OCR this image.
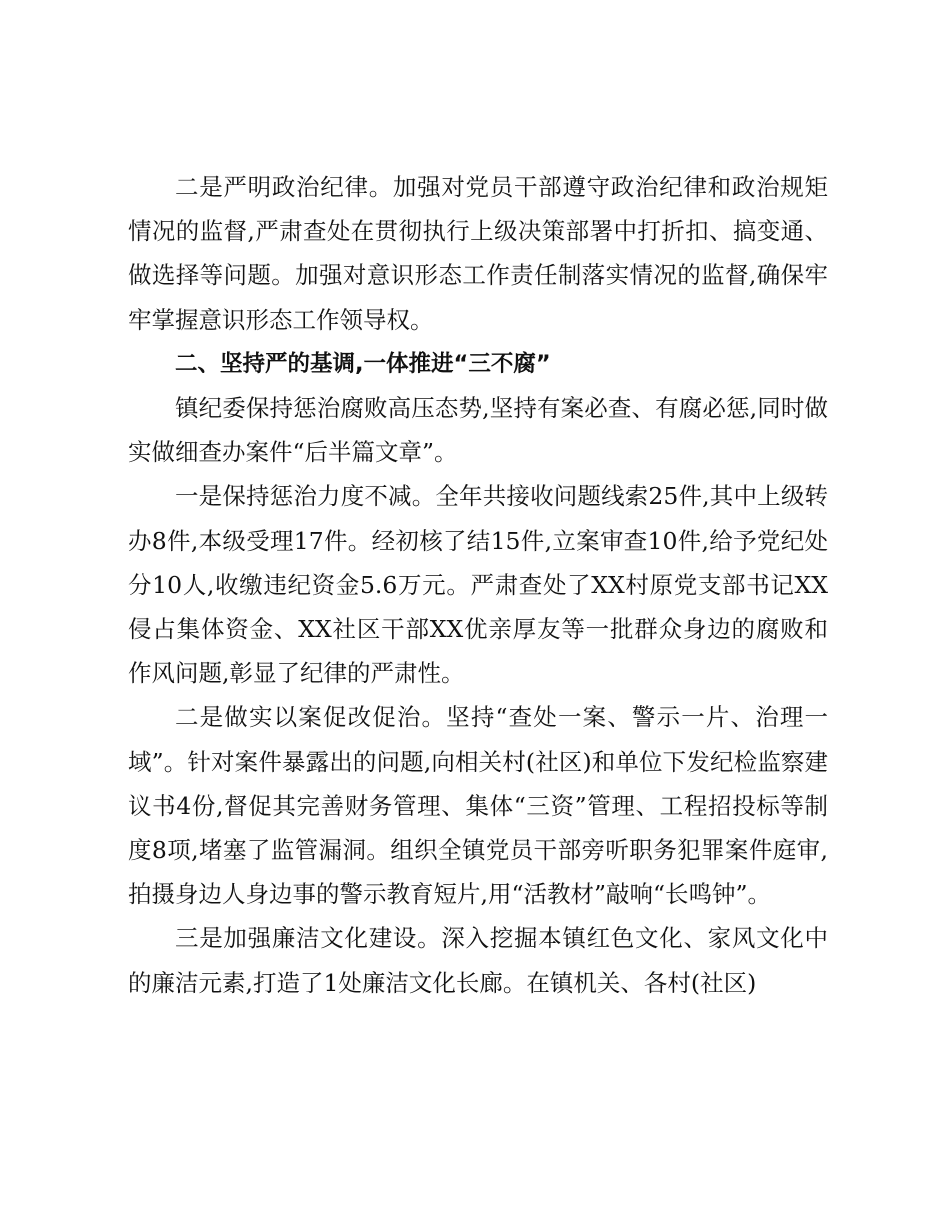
二是严明政治纪律。加强对党员干部遵守政治纪律和政治规矩情况的监督,严肃查处在贯彻执行上级决策部署中打折扣、搞变通、做选择等问题。加强对意识形态工作责任制落实情况的监督,确保牢牢掌握意识形态工作领导权。

二、坚持严的基调,一体推进“三不腐”

镇纪委保持惩治腐败高压态势,坚持有案必查、有腐必惩,同时做实做细查办案件“后半篇文章”。

一是保持惩治力度不减。全年共接收问题线索25件,其中上级转办8件,本级受理17件。经初核了结15件,立案审查10件,给予党纪处分10人,收缴违纪资金5.6万元。严肃查处了XX村原党支部书记XX侵占集体资金、XX社区干部XX优亲厚友等一批群众身边的腐败和作风问题,彰显了纪律的严肃性。

二是做实以案促改促治。坚持“查处一案、警示一片、治理一域”。针对案件暴露出的问题,向相关村(社区)和单位下发纪检监察建议书4份,督促其完善财务管理、集体“三资”管理、工程招投标等制度8项,堵塞了监管漏洞。组织全镇党员干部旁听职务犯罪案件庭审,拍摄身边人身边事的警示教育短片,用“活教材”敲响“长鸣钟”。

三是加强廉洁文化建设。深入挖掘本镇红色文化、家风文化中的廉洁元素,打造了1处廉洁文化长廊。在镇机关、各村(社区)
